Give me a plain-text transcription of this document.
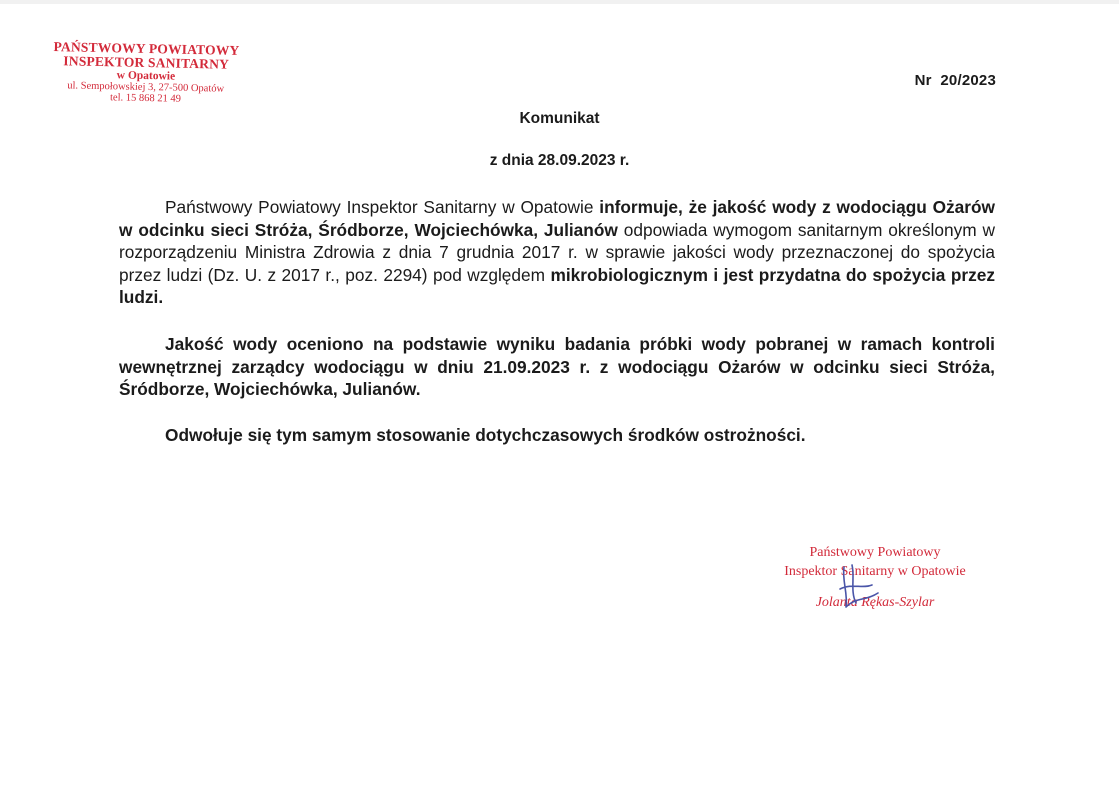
PAŃSTWOWY POWIATOWY
INSPEKTOR SANITARNY
w Opatowie
ul. Sempołowskiej 3, 27-500 Opatów
tel. 15 868 21 49
Nr  20/2023
Komunikat
z dnia 28.09.2023 r.

Państwowy Powiatowy Inspektor Sanitarny w Opatowie informuje, że jakość wody z wodociągu Ożarów w odcinku sieci Stróża, Śródborze, Wojciechówka, Julianów odpowiada wymogom sanitarnym określonym w rozporządzeniu Ministra Zdrowia z dnia 7 grudnia 2017 r. w sprawie jakości wody przeznaczonej do spożycia przez ludzi (Dz. U. z 2017 r., poz. 2294) pod względem mikrobiologicznym i jest przydatna do spożycia przez ludzi.

Jakość wody oceniono na podstawie wyniku badania próbki wody pobranej w ramach kontroli wewnętrznej zarządcy wodociągu w dniu 21.09.2023 r. z wodociągu Ożarów w odcinku sieci Stróża, Śródborze, Wojciechówka, Julianów.

Odwołuje się tym samym stosowanie dotychczasowych środków ostrożności.

Państwowy Powiatowy
Inspektor Sanitarny w Opatowie
Jolanta Rękas-Szylar
